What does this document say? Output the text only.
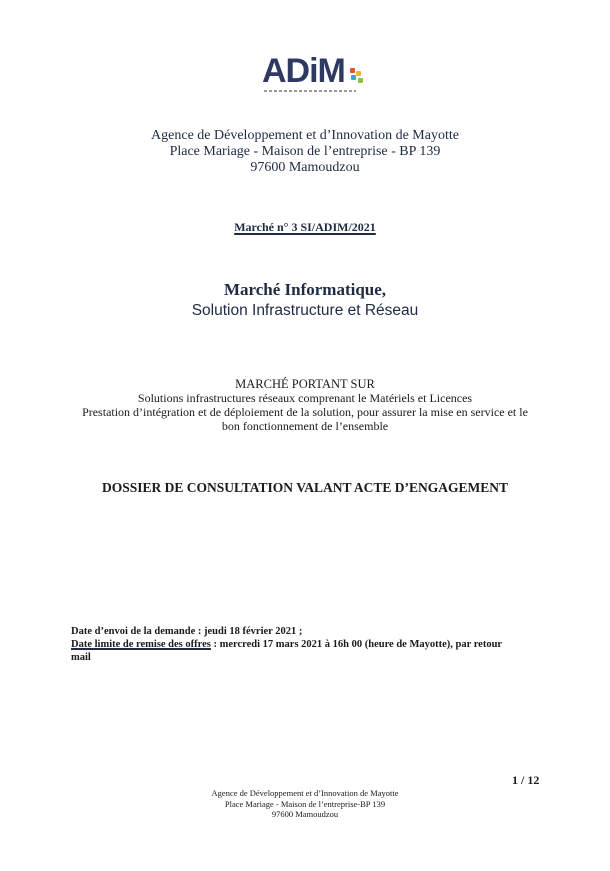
ADiM
Agence de Développement et d’Innovation de Mayotte
Place Mariage - Maison de l’entreprise - BP 139
97600 Mamoudzou
Marché n° 3 SI/ADIM/2021
Marché Informatique,
Solution Infrastructure et Réseau
MARCHÉ PORTANT SUR
Solutions infrastructures réseaux comprenant le Matériels et Licences
Prestation d’intégration et de déploiement de la solution, pour assurer la mise en service et le
bon fonctionnement de l’ensemble
DOSSIER DE CONSULTATION VALANT ACTE D’ENGAGEMENT
Date d’envoi de la demande : jeudi 18 février 2021 ;
Date limite de remise des offres : mercredi 17 mars 2021 à 16h 00 (heure de Mayotte), par retour
mail
1 / 12
Agence de Développement et d’Innovation de Mayotte
Place Mariage - Maison de l’entreprise-BP 139
97600 Mamoudzou
